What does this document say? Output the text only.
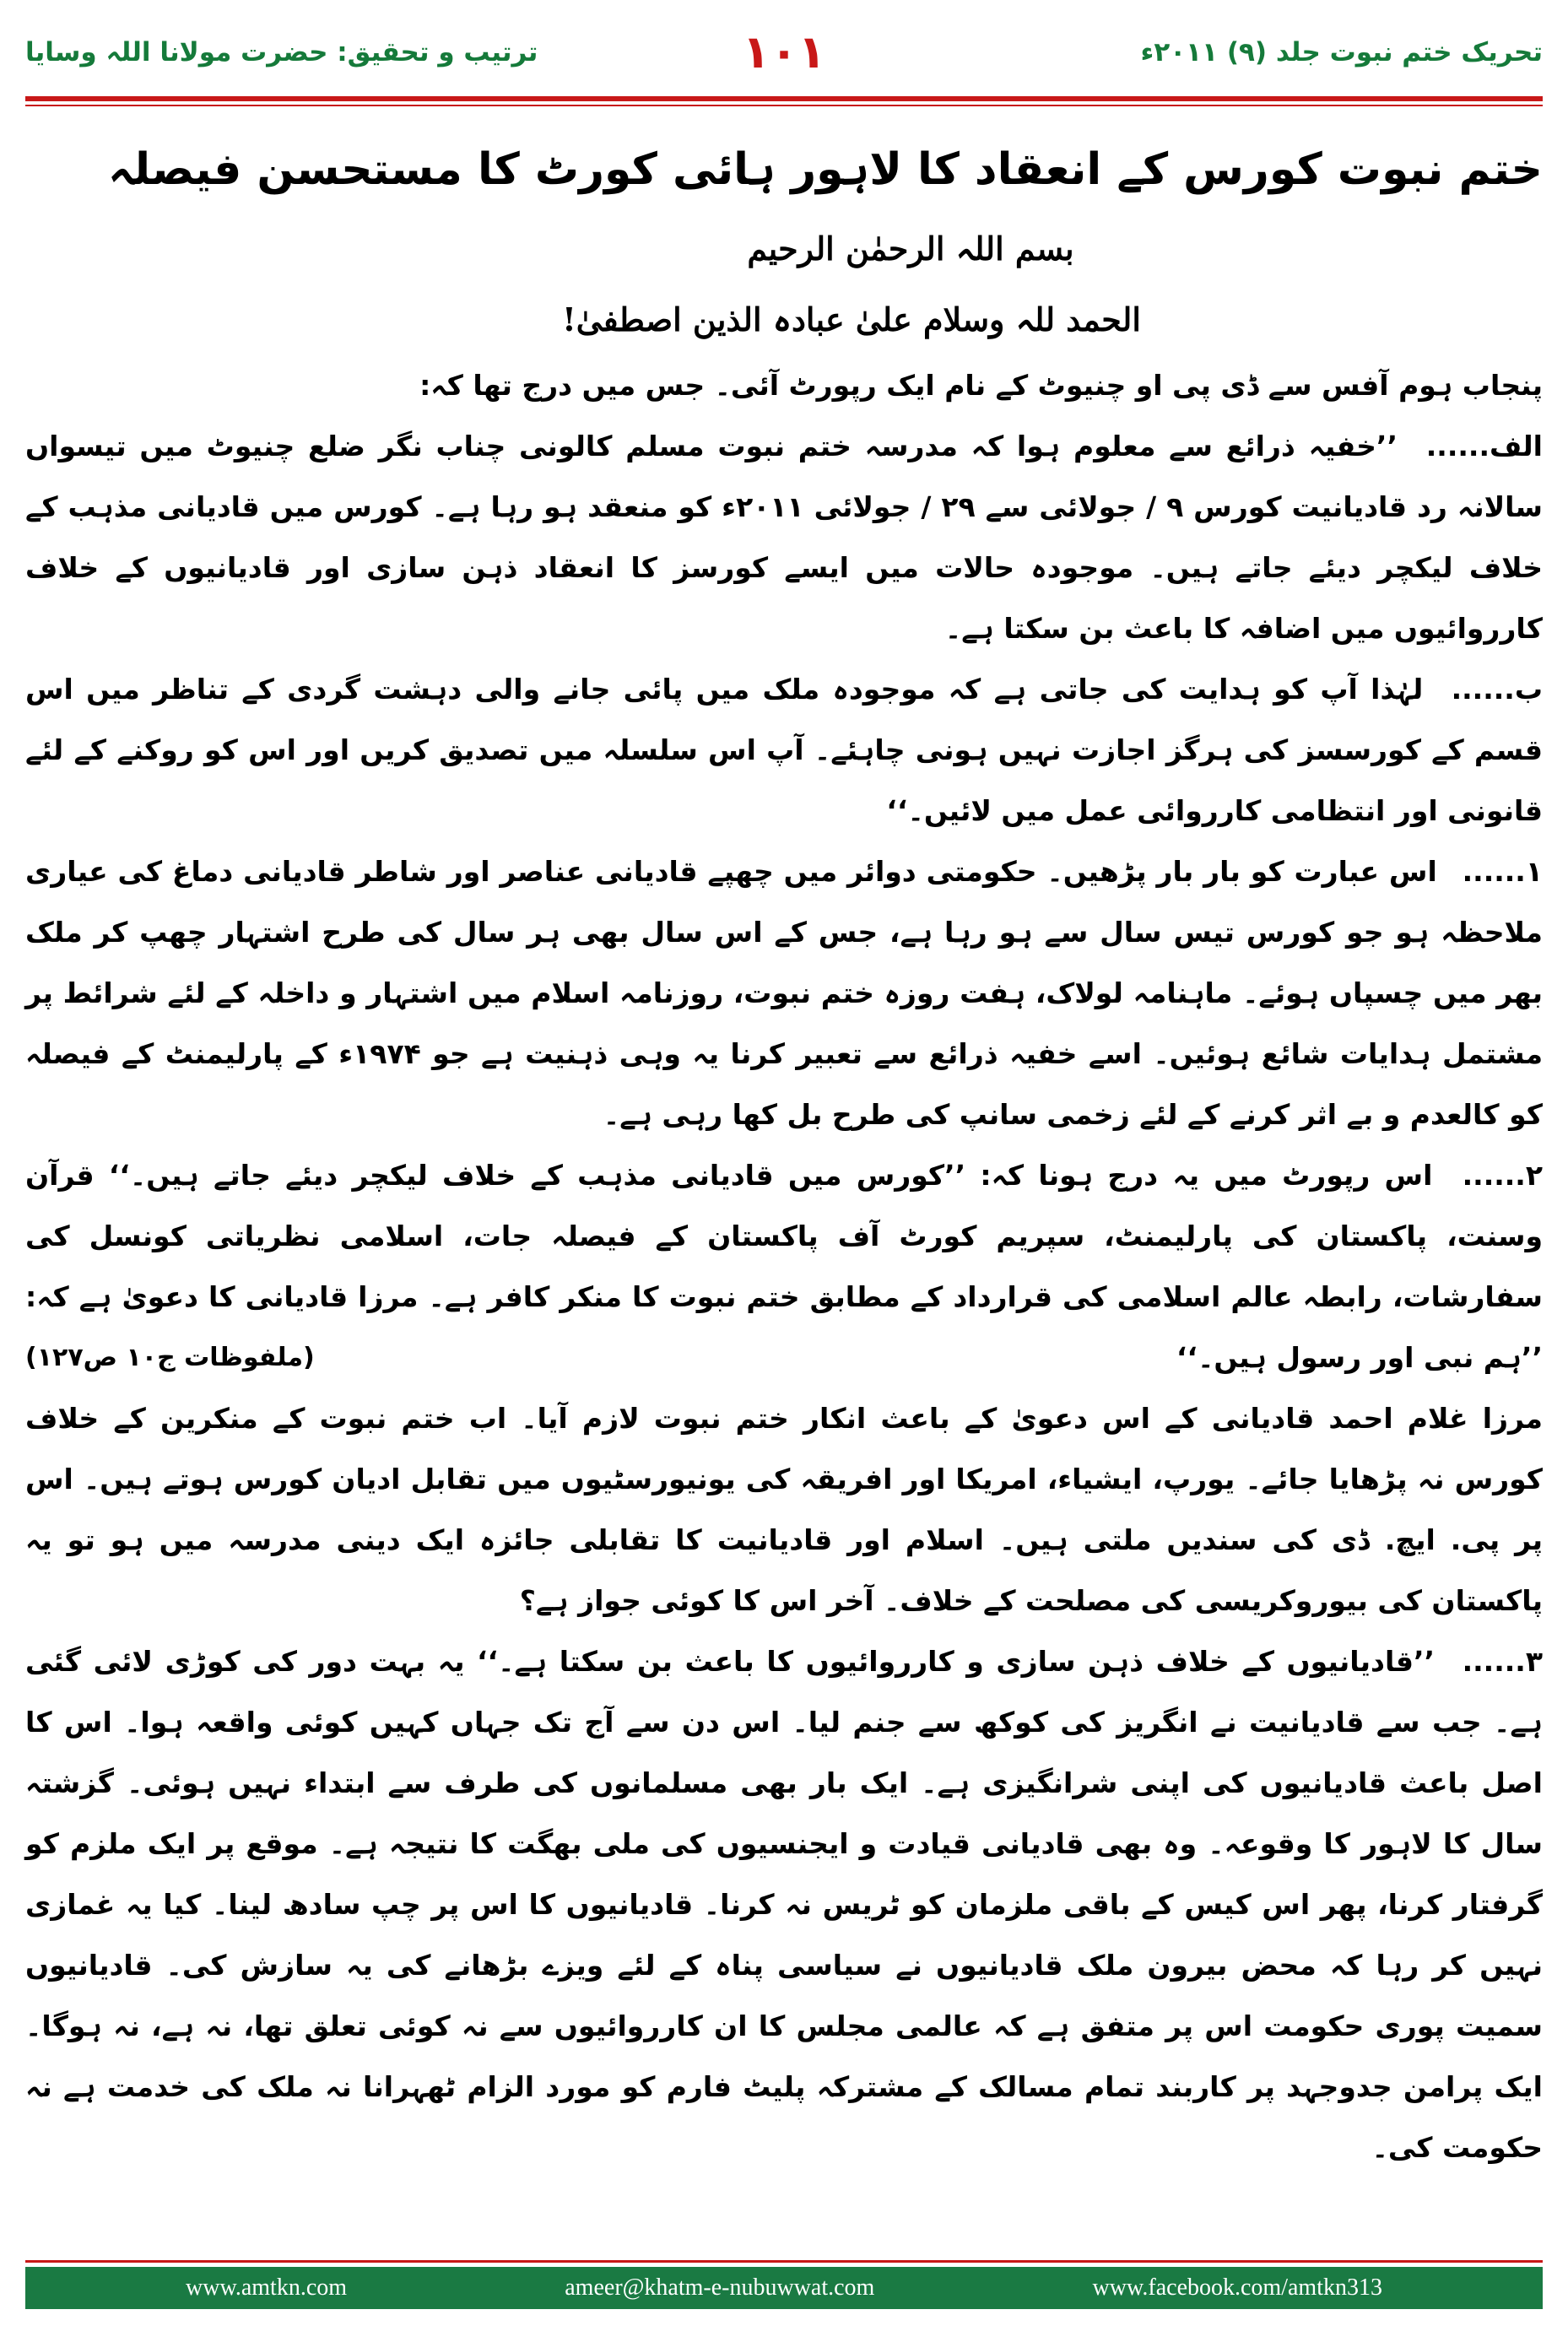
تحریک ختم نبوت جلد (۹) ۲۰۱۱ء
۱۰۱
ترتیب و تحقیق: حضرت مولانا اللہ وسایا

ختم نبوت کورس کے انعقاد کا لاہور ہائی کورٹ کا مستحسن فیصلہ

بسم اللہ الرحمٰن الرحیم

الحمد للہ وسلام علیٰ عبادہ الذین اصطفیٰ!

پنجاب ہوم آفس سے ڈی پی او چنیوٹ کے نام ایک رپورٹ آئی۔ جس میں درج تھا کہ:

الف...... ’’خفیہ ذرائع سے معلوم ہوا کہ مدرسہ ختم نبوت مسلم کالونی چناب نگر ضلع چنیوٹ میں تیسواں سالانہ رد قادیانیت کورس ۹ / جولائی سے ۲۹ / جولائی ۲۰۱۱ء کو منعقد ہو رہا ہے۔ کورس میں قادیانی مذہب کے خلاف لیکچر دیئے جاتے ہیں۔ موجودہ حالات میں ایسے کورسز کا انعقاد ذہن سازی اور قادیانیوں کے خلاف کارروائیوں میں اضافہ کا باعث بن سکتا ہے۔

ب...... لہٰذا آپ کو ہدایت کی جاتی ہے کہ موجودہ ملک میں پائی جانے والی دہشت گردی کے تناظر میں اس قسم کے کورسسز کی ہرگز اجازت نہیں ہونی چاہئے۔ آپ اس سلسلہ میں تصدیق کریں اور اس کو روکنے کے لئے قانونی اور انتظامی کارروائی عمل میں لائیں۔‘‘

۱...... اس عبارت کو بار بار پڑھیں۔ حکومتی دوائر میں چھپے قادیانی عناصر اور شاطر قادیانی دماغ کی عیاری ملاحظہ ہو جو کورس تیس سال سے ہو رہا ہے، جس کے اس سال بھی ہر سال کی طرح اشتہار چھپ کر ملک بھر میں چسپاں ہوئے۔ ماہنامہ لولاک، ہفت روزہ ختم نبوت، روزنامہ اسلام میں اشتہار و داخلہ کے لئے شرائط پر مشتمل ہدایات شائع ہوئیں۔ اسے خفیہ ذرائع سے تعبیر کرنا یہ وہی ذہنیت ہے جو ۱۹۷۴ء کے پارلیمنٹ کے فیصلہ کو کالعدم و بے اثر کرنے کے لئے زخمی سانپ کی طرح بل کھا رہی ہے۔

۲...... اس رپورٹ میں یہ درج ہونا کہ: ’’کورس میں قادیانی مذہب کے خلاف لیکچر دیئے جاتے ہیں۔‘‘ قرآن وسنت، پاکستان کی پارلیمنٹ، سپریم کورٹ آف پاکستان کے فیصلہ جات، اسلامی نظریاتی کونسل کی سفارشات، رابطہ عالم اسلامی کی قرارداد کے مطابق ختم نبوت کا منکر کافر ہے۔ مرزا قادیانی کا دعویٰ ہے کہ: ’’ہم نبی اور رسول ہیں۔‘‘
(ملفوظات ج۱۰ ص۱۲۷)

مرزا غلام احمد قادیانی کے اس دعویٰ کے باعث انکار ختم نبوت لازم آیا۔ اب ختم نبوت کے منکرین کے خلاف کورس نہ پڑھایا جائے۔ یورپ، ایشیاء، امریکا اور افریقہ کی یونیورسٹیوں میں تقابل ادیان کورس ہوتے ہیں۔ اس پر پی. ایچ. ڈی کی سندیں ملتی ہیں۔ اسلام اور قادیانیت کا تقابلی جائزہ ایک دینی مدرسہ میں ہو تو یہ پاکستان کی بیوروکریسی کی مصلحت کے خلاف۔ آخر اس کا کوئی جواز ہے؟

۳...... ’’قادیانیوں کے خلاف ذہن سازی و کارروائیوں کا باعث بن سکتا ہے۔‘‘ یہ بہت دور کی کوڑی لائی گئی ہے۔ جب سے قادیانیت نے انگریز کی کوکھ سے جنم لیا۔ اس دن سے آج تک جہاں کہیں کوئی واقعہ ہوا۔ اس کا اصل باعث قادیانیوں کی اپنی شرانگیزی ہے۔ ایک بار بھی مسلمانوں کی طرف سے ابتداء نہیں ہوئی۔ گزشتہ سال کا لاہور کا وقوعہ۔ وہ بھی قادیانی قیادت و ایجنسیوں کی ملی بھگت کا نتیجہ ہے۔ موقع پر ایک ملزم کو گرفتار کرنا، پھر اس کیس کے باقی ملزمان کو ٹریس نہ کرنا۔ قادیانیوں کا اس پر چپ سادھ لینا۔ کیا یہ غمازی نہیں کر رہا کہ محض بیرون ملک قادیانیوں نے سیاسی پناہ کے لئے ویزے بڑھانے کی یہ سازش کی۔ قادیانیوں سمیت پوری حکومت اس پر متفق ہے کہ عالمی مجلس کا ان کارروائیوں سے نہ کوئی تعلق تھا، نہ ہے، نہ ہوگا۔ ایک پرامن جدوجہد پر کاربند تمام مسالک کے مشترکہ پلیٹ فارم کو مورد الزام ٹھہرانا نہ ملک کی خدمت ہے نہ حکومت کی۔

www.amtkn.com	ameer@khatm-e-nubuwwat.com	www.facebook.com/amtkn313
